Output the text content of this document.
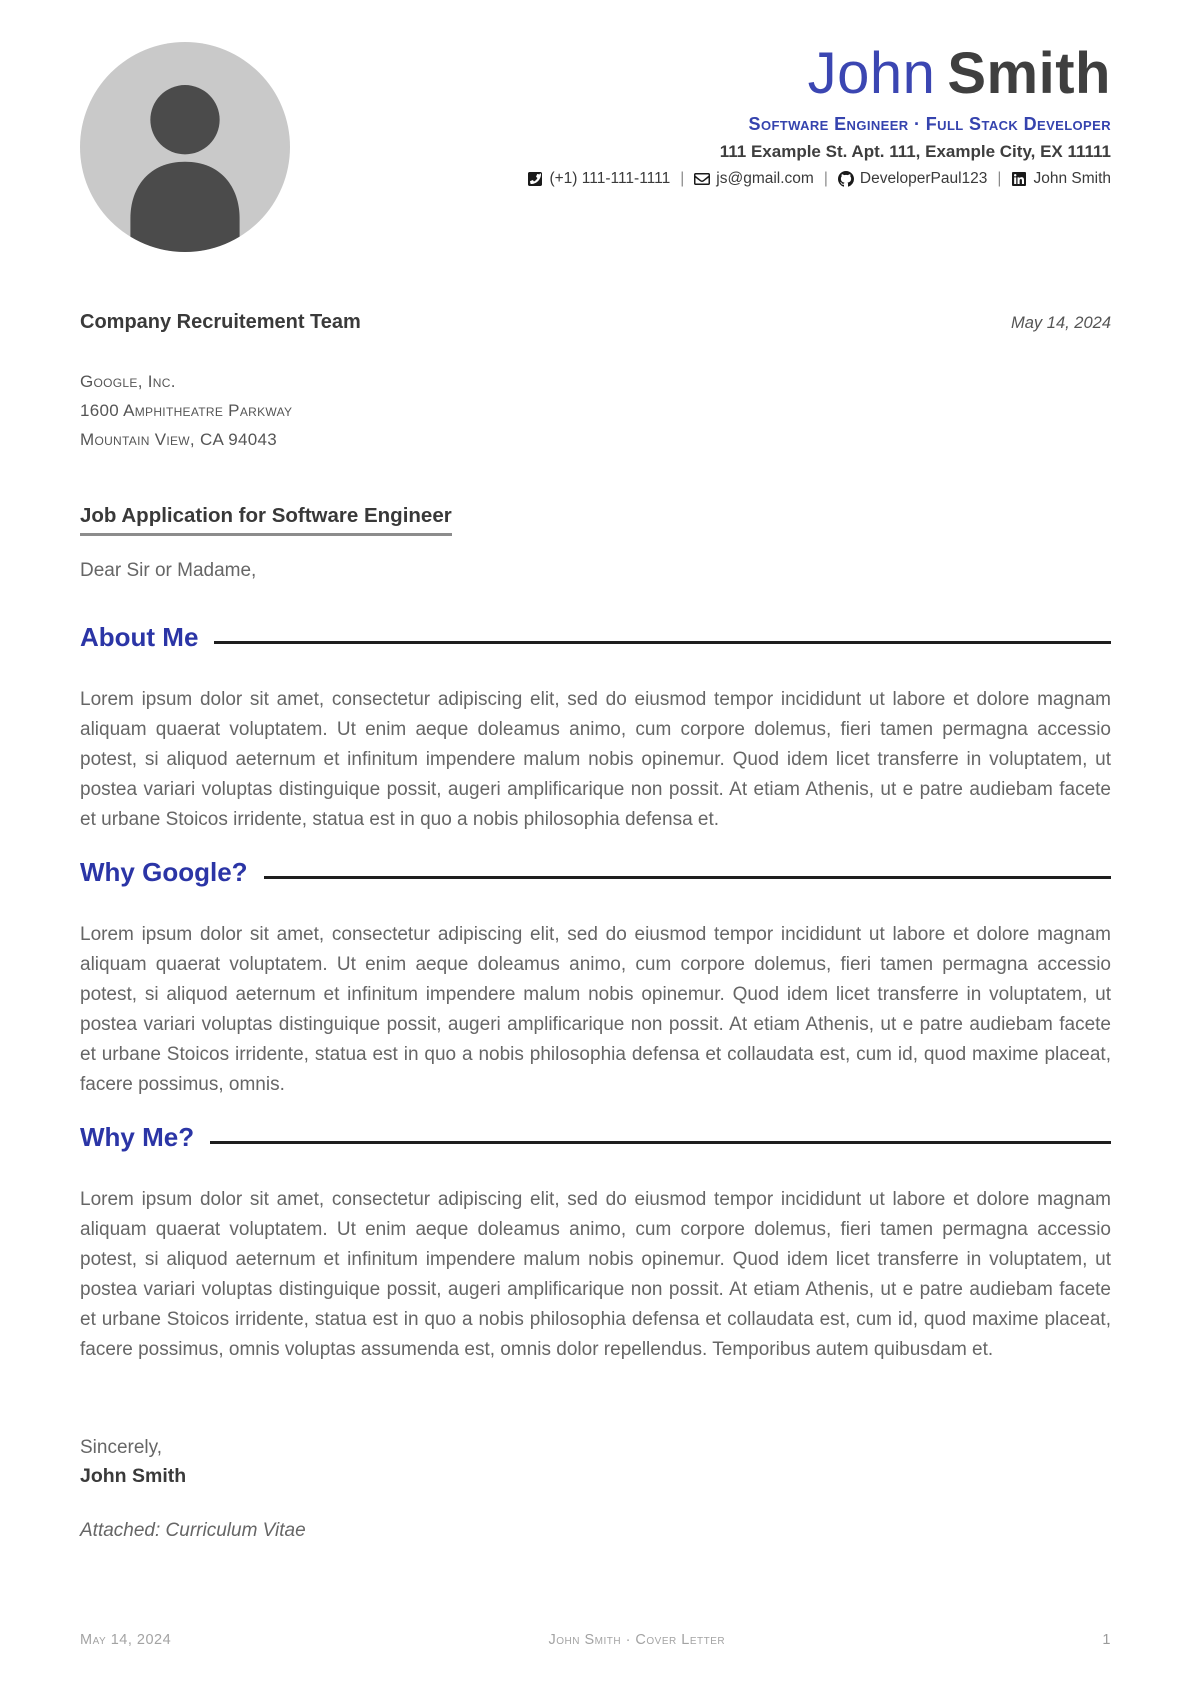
John Smith
Software Engineer · Full Stack Developer
111 Example St. Apt. 111, Example City, EX 11111
(+1) 111-111-1111 | js@gmail.com | DeveloperPaul123 | John Smith
Company Recruitement Team	May 14, 2024
Google, Inc.
1600 Amphitheatre Parkway
Mountain View, CA 94043
Job Application for Software Engineer
Dear Sir or Madame,
About Me

Lorem ipsum dolor sit amet, consectetur adipiscing elit, sed do eiusmod tempor incididunt ut labore et dolore magnam aliquam quaerat voluptatem. Ut enim aeque doleamus animo, cum corpore dolemus, fieri tamen permagna accessio potest, si aliquod aeternum et infinitum impendere malum nobis opinemur. Quod idem licet transferre in voluptatem, ut postea variari voluptas distinguique possit, augeri amplificarique non possit. At etiam Athenis, ut e patre audiebam facete et urbane Stoicos irridente, statua est in quo a nobis philosophia defensa et.

Why Google?

Lorem ipsum dolor sit amet, consectetur adipiscing elit, sed do eiusmod tempor incididunt ut labore et dolore magnam aliquam quaerat voluptatem. Ut enim aeque doleamus animo, cum corpore dolemus, fieri tamen permagna accessio potest, si aliquod aeternum et infinitum impendere malum nobis opinemur. Quod idem licet transferre in voluptatem, ut postea variari voluptas distinguique possit, augeri amplificarique non possit. At etiam Athenis, ut e patre audiebam facete et urbane Stoicos irridente, statua est in quo a nobis philosophia defensa et collaudata est, cum id, quod maxime placeat, facere possimus, omnis.

Why Me?

Lorem ipsum dolor sit amet, consectetur adipiscing elit, sed do eiusmod tempor incididunt ut labore et dolore magnam aliquam quaerat voluptatem. Ut enim aeque doleamus animo, cum corpore dolemus, fieri tamen permagna accessio potest, si aliquod aeternum et infinitum impendere malum nobis opinemur. Quod idem licet transferre in voluptatem, ut postea variari voluptas distinguique possit, augeri amplificarique non possit. At etiam Athenis, ut e patre audiebam facete et urbane Stoicos irridente, statua est in quo a nobis philosophia defensa et collaudata est, cum id, quod maxime placeat, facere possimus, omnis voluptas assumenda est, omnis dolor repellendus. Temporibus autem quibusdam et.

Sincerely,
John Smith
Attached: Curriculum Vitae
May 14, 2024	John Smith · Cover Letter	1
